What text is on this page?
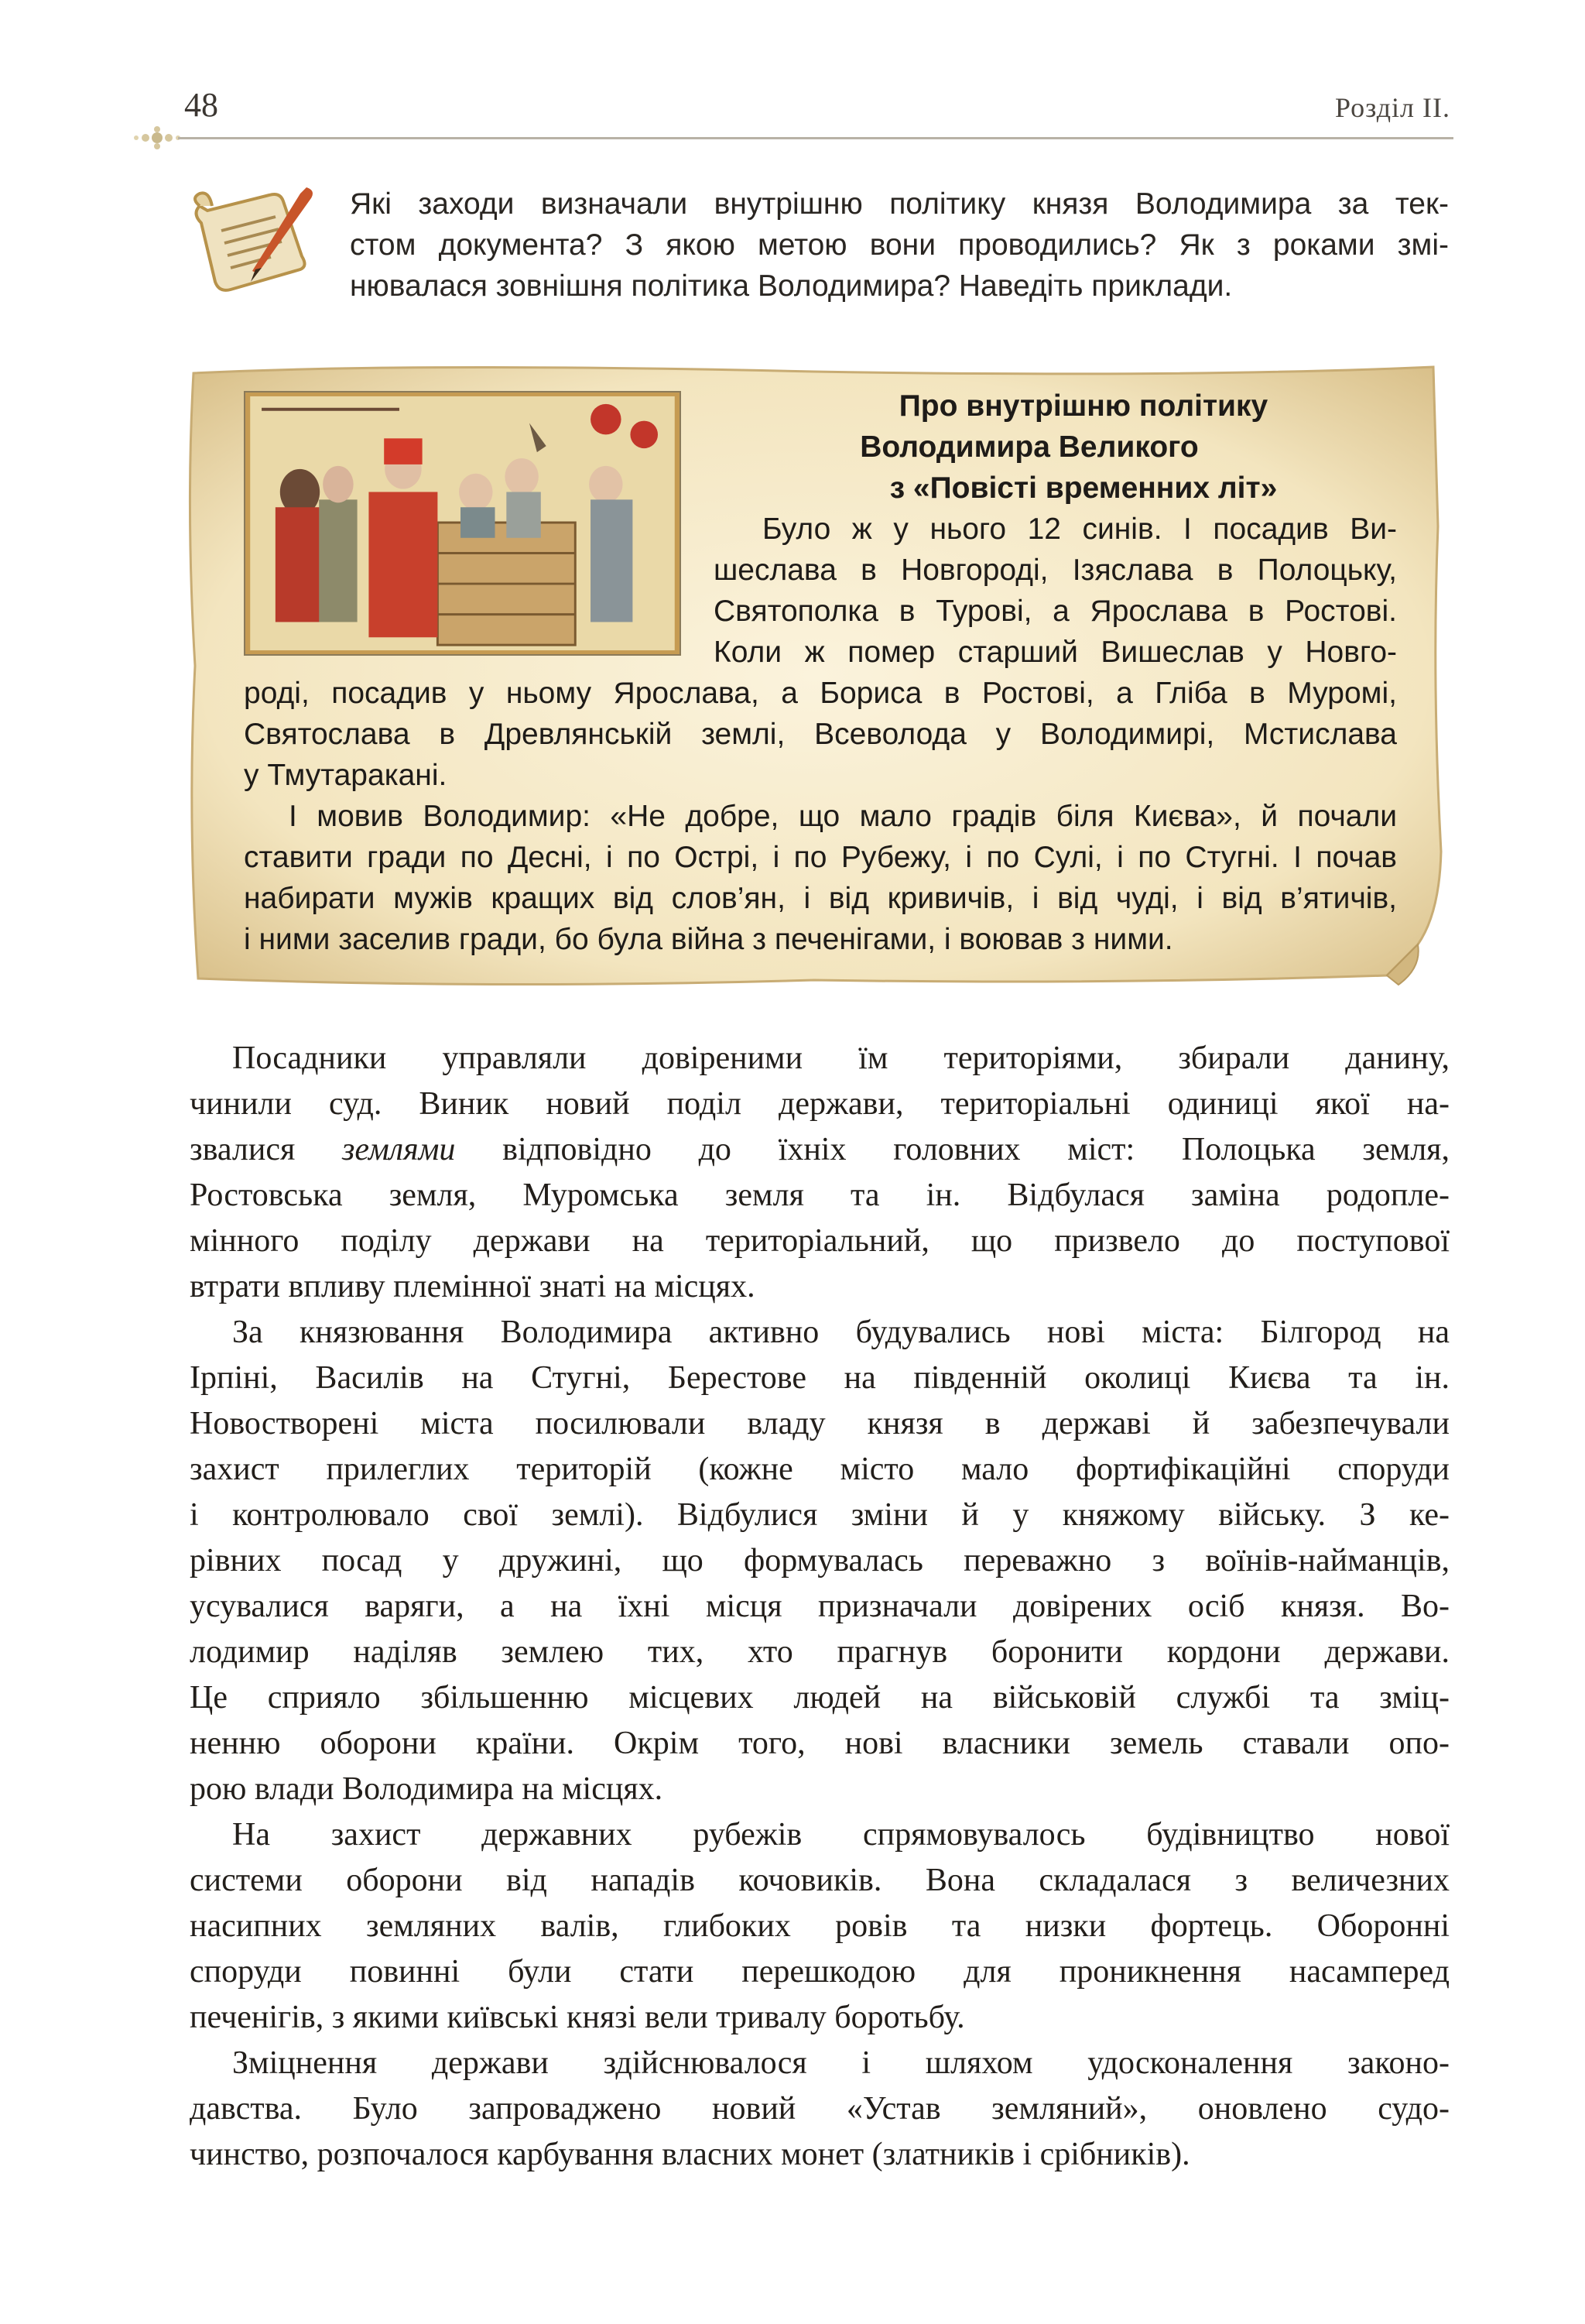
48	Розділ II.
Які заходи визначали внутрішню політику князя Володимира за тек-
стом документа? З якою метою вони проводились? Як з роками змі-
нювалася зовнішня політика Володимира? Наведіть приклади.
Про внутрішню політику
Володимира Великого
з «Повісті временних літ»
Було ж у нього 12 синів. І посадив Ви-
шеслава в Новгороді, Ізяслава в Полоцьку,
Святополка в Турові, а Ярослава в Ростові.
Коли ж помер старший Вишеслав у Новго-
роді, посадив у ньому Ярослава, а Бориса в Ростові, а Гліба в Муромі,
Святослава в Древлянській землі, Всеволода у Володимирі, Мстислава
у Тмутаракані.
І мовив Володимир: «Не добре, що мало градів біля Києва», й почали
ставити гради по Десні, і по Острі, і по Рубежу, і по Сулі, і по Стугні. І почав
набирати мужів кращих від слов’ян, і від кривичів, і від чуді, і від в’ятичів,
і ними заселив гради, бо була війна з печенігами, і воював з ними.
Посадники управляли довіреними їм територіями, збирали данину,
чинили суд. Виник новий поділ держави, територіальні одиниці якої на-
звалися землями відповідно до їхніх головних міст: Полоцька земля,
Ростовська земля, Муромська земля та ін. Відбулася заміна родопле-
мінного поділу держави на територіальний, що призвело до поступової
втрати впливу племінної знаті на місцях.
За князювання Володимира активно будувались нові міста: Білгород на
Ірпіні, Василів на Стугні, Берестове на південній околиці Києва та ін.
Новостворені міста посилювали владу князя в державі й забезпечували
захист прилеглих територій (кожне місто мало фортифікаційні споруди
і контролювало свої землі). Відбулися зміни й у княжому війську. З ке-
рівних посад у дружині, що формувалась переважно з воїнів-найманців,
усувалися варяги, а на їхні місця призначали довірених осіб князя. Во-
лодимир наділяв землею тих, хто прагнув боронити кордони держави.
Це сприяло збільшенню місцевих людей на військовій службі та зміц-
ненню оборони країни. Окрім того, нові власники земель ставали опо-
рою влади Володимира на місцях.
На захист державних рубежів спрямовувалось будівництво нової
системи оборони від нападів кочовиків. Вона складалася з величезних
насипних земляних валів, глибоких ровів та низки фортець. Оборонні
споруди повинні були стати перешкодою для проникнення насамперед
печенігів, з якими київські князі вели тривалу боротьбу.
Зміцнення держави здійснювалося і шляхом удосконалення законо-
давства. Було запроваджено новий «Устав земляний», оновлено судо-
чинство, розпочалося карбування власних монет (златників і срібників).
